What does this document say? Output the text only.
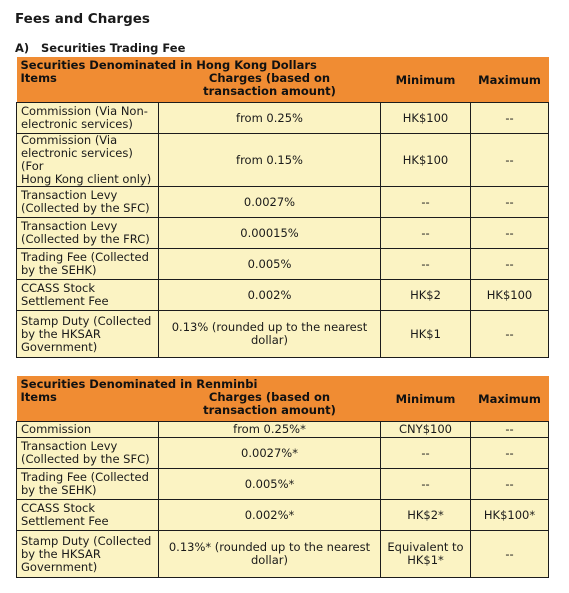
Fees and Charges
A) Securities Trading Fee
Securities Denominated in Hong Kong Dollars			
Items	Charges (based on
transaction amount)	Minimum	Maximum
Commission (Via Non-
electronic services)	from 0.25%	HK$100	--
Commission (Via
electronic services)(For
Hong Kong client only)	from 0.15%	HK$100	--
Transaction Levy
(Collected by the SFC)	0.0027%	--	--
Transaction Levy
(Collected by the FRC)	0.00015%	--	--
Trading Fee (Collected
by the SEHK)	0.005%	--	--
CCASS Stock
Settlement Fee	0.002%	HK$2	HK$100
Stamp Duty (Collected
by the HKSAR
Government)	0.13% (rounded up to the nearest
dollar)	HK$1	--
Securities Denominated in Renminbi			
Items	Charges (based on
transaction amount)	Minimum	Maximum
Commission	from 0.25%*	CNY$100	--
Transaction Levy
(Collected by the SFC)	0.0027%*	--	--
Trading Fee (Collected
by the SEHK)	0.005%*	--	--
CCASS Stock
Settlement Fee	0.002%*	HK$2*	HK$100*
Stamp Duty (Collected
by the HKSAR
Government)	0.13%* (rounded up to the nearest
dollar)	Equivalent to
HK$1*	--
